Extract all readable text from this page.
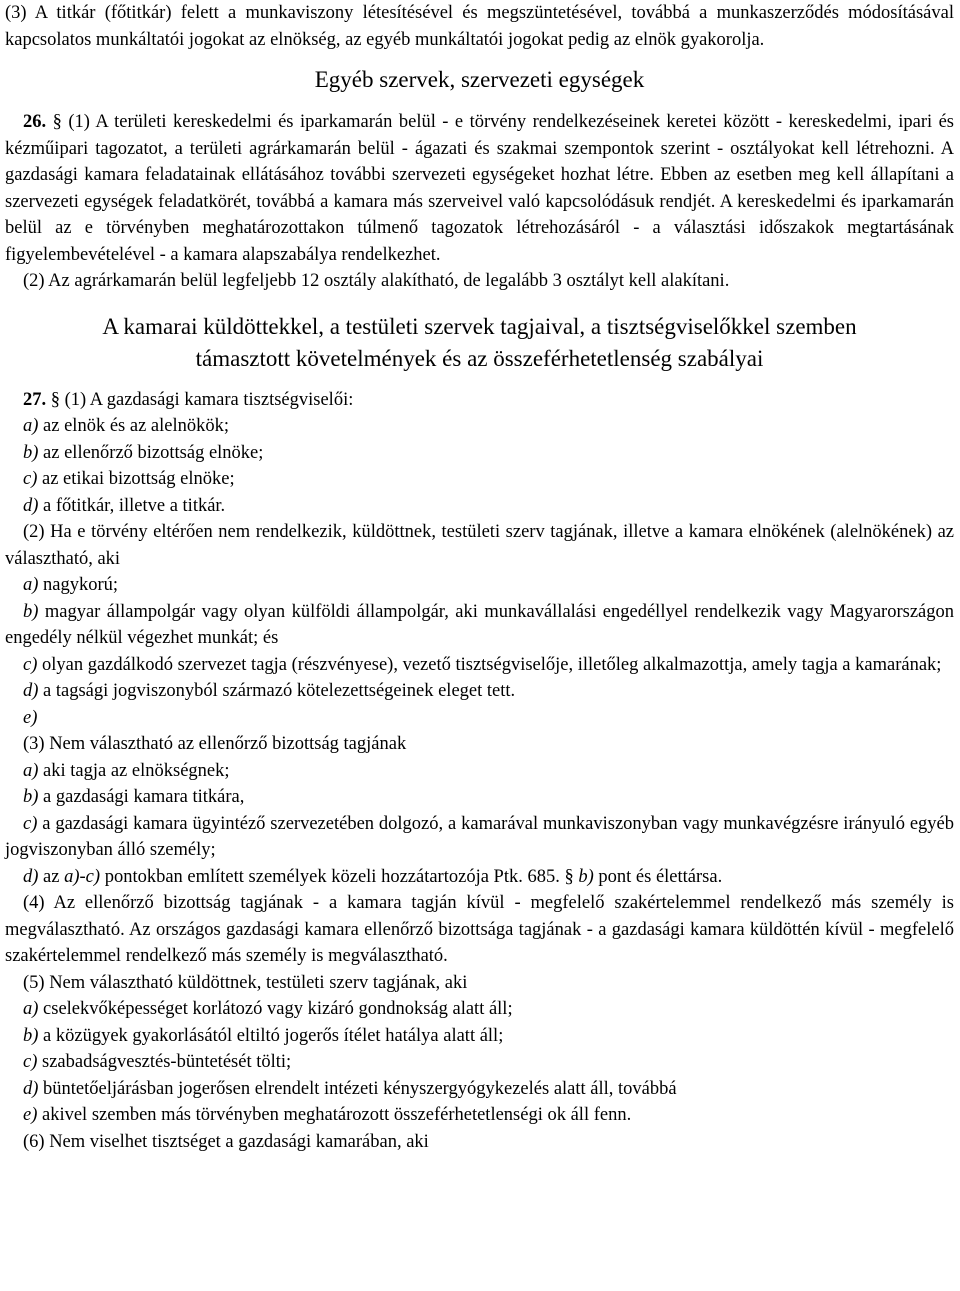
(3) A titkár (főtitkár) felett a munkaviszony létesítésével és megszüntetésével, továbbá a munkaszerződés módosításával kapcsolatos munkáltatói jogokat az elnökség, az egyéb munkáltatói jogokat pedig az elnök gyakorolja.

Egyéb szervek, szervezeti egységek

26. § (1) A területi kereskedelmi és iparkamarán belül - e törvény rendelkezéseinek keretei között - kereskedelmi, ipari és kézműipari tagozatot, a területi agrárkamarán belül - ágazati és szakmai szempontok szerint - osztályokat kell létrehozni. A gazdasági kamara feladatainak ellátásához további szervezeti egységeket hozhat létre. Ebben az esetben meg kell állapítani a szervezeti egységek feladatkörét, továbbá a kamara más szerveivel való kapcsolódásuk rendjét. A kereskedelmi és iparkamarán belül az e törvényben meghatározottakon túlmenő tagozatok létrehozásáról - a választási időszakok megtartásának figyelembevételével - a kamara alapszabálya rendelkezhet.

(2) Az agrárkamarán belül legfeljebb 12 osztály alakítható, de legalább 3 osztályt kell alakítani.

A kamarai küldöttekkel, a testületi szervek tagjaival, a tisztségviselőkkel szemben
támasztott követelmények és az összeférhetetlenség szabályai

27. § (1) A gazdasági kamara tisztségviselői:

a) az elnök és az alelnökök;

b) az ellenőrző bizottság elnöke;

c) az etikai bizottság elnöke;

d) a főtitkár, illetve a titkár.

(2) Ha e törvény eltérően nem rendelkezik, küldöttnek, testületi szerv tagjának, illetve a kamara elnökének (alelnökének) az választható, aki

a) nagykorú;

b) magyar állampolgár vagy olyan külföldi állampolgár, aki munkavállalási engedéllyel rendelkezik vagy Magyarországon engedély nélkül végezhet munkát; és

c) olyan gazdálkodó szervezet tagja (részvényese), vezető tisztségviselője, illetőleg alkalmazottja, amely tagja a kamarának;

d) a tagsági jogviszonyból származó kötelezettségeinek eleget tett.

e)

(3) Nem választható az ellenőrző bizottság tagjának

a) aki tagja az elnökségnek;

b) a gazdasági kamara titkára,

c) a gazdasági kamara ügyintéző szervezetében dolgozó, a kamarával munkaviszonyban vagy munkavégzésre irányuló egyéb jogviszonyban álló személy;

d) az a)-c) pontokban említett személyek közeli hozzátartozója Ptk. 685. § b) pont és élettársa.

(4) Az ellenőrző bizottság tagjának - a kamara tagján kívül - megfelelő szakértelemmel rendelkező más személy is megválasztható. Az országos gazdasági kamara ellenőrző bizottsága tagjának - a gazdasági kamara küldöttén kívül - megfelelő szakértelemmel rendelkező más személy is megválasztható.

(5) Nem választható küldöttnek, testületi szerv tagjának, aki

a) cselekvőképességet korlátozó vagy kizáró gondnokság alatt áll;

b) a közügyek gyakorlásától eltiltó jogerős ítélet hatálya alatt áll;

c) szabadságvesztés-büntetését tölti;

d) büntetőeljárásban jogerősen elrendelt intézeti kényszergyógykezelés alatt áll, továbbá

e) akivel szemben más törvényben meghatározott összeférhetetlenségi ok áll fenn.

(6) Nem viselhet tisztséget a gazdasági kamarában, aki
